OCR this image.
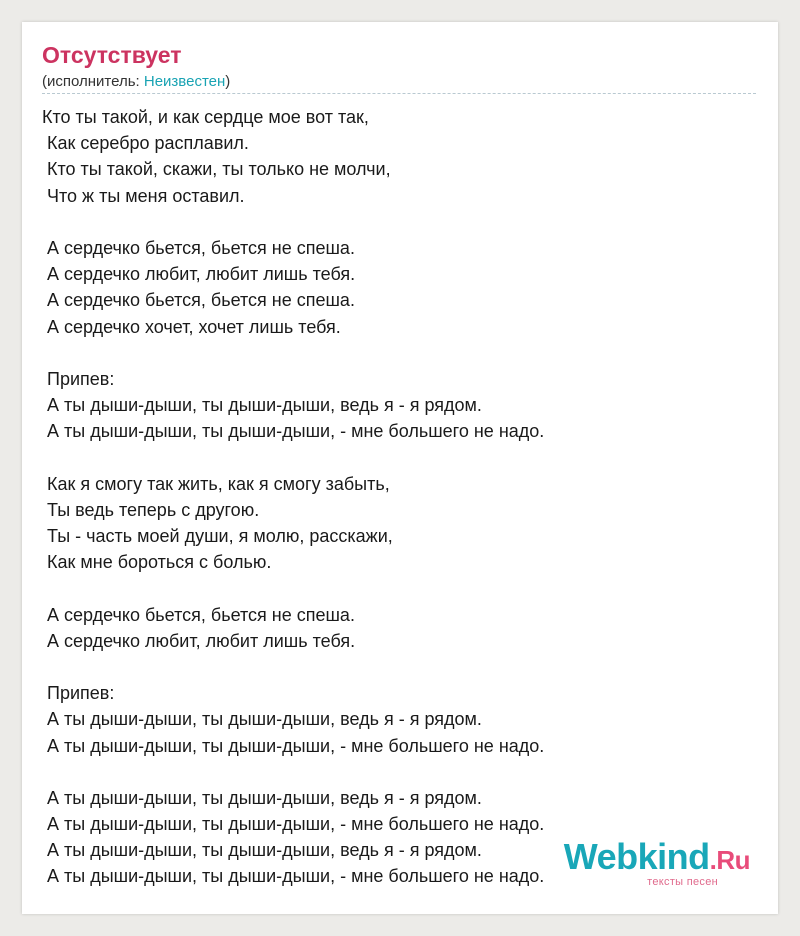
Отсутствует
(исполнитель: Неизвестен)
Кто ты такой, и как сердце мое вот так,
Как серебро расплавил.
Кто ты такой, скажи, ты только не молчи,
Что ж ты меня оставил.
А сердечко бьется, бьется не спеша.
А сердечко любит, любит лишь тебя.
А сердечко бьется, бьется не спеша.
А сердечко хочет, хочет лишь тебя.
Припев:
А ты дыши-дыши, ты дыши-дыши, ведь я - я рядом.
А ты дыши-дыши, ты дыши-дыши, - мне большего не надо.
Как я смогу так жить, как я смогу забыть,
Ты ведь теперь с другою.
Ты - часть моей души, я молю, расскажи,
Как мне бороться с болью.
А сердечко бьется, бьется не спеша.
А сердечко любит, любит лишь тебя.
Припев:
А ты дыши-дыши, ты дыши-дыши, ведь я - я рядом.
А ты дыши-дыши, ты дыши-дыши, - мне большего не надо.
А ты дыши-дыши, ты дыши-дыши, ведь я - я рядом.
А ты дыши-дыши, ты дыши-дыши, - мне большего не надо.
А ты дыши-дыши, ты дыши-дыши, ведь я - я рядом.
А ты дыши-дыши, ты дыши-дыши, - мне большего не надо. Webkind.Ru
тексты песен
